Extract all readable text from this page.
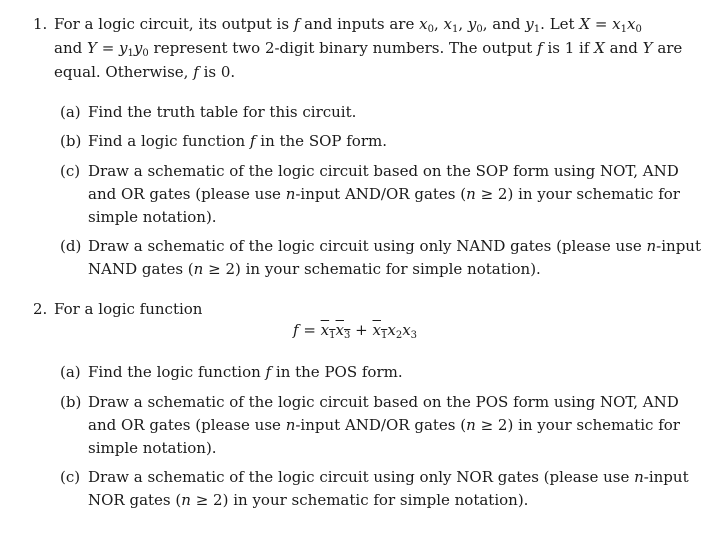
1. For a logic circuit, its output is f and inputs are $x_0$, $x_1$, $y_0$, and $y_1$. Let $X = x_1x_0$
and $Y = y_1y_0$ represent two 2-digit binary numbers. The output f is 1 if X and Y are
equal. Otherwise, f is 0.
(a) Find the truth table for this circuit.
(b) Find a logic function f in the SOP form.
(c) Draw a schematic of the logic circuit based on the SOP form using NOT, AND
and OR gates (please use n-input AND/OR gates (n ≥ 2) in your schematic for
simple notation).
(d) Draw a schematic of the logic circuit using only NAND gates (please use n-input
NAND gates (n ≥ 2) in your schematic for simple notation).
2. For a logic function
$f = x_1x_3 + x_1x_2x_3$
(a) Find the logic function f in the POS form.
(b) Draw a schematic of the logic circuit based on the POS form using NOT, AND
and OR gates (please use n-input AND/OR gates (n ≥ 2) in your schematic for
simple notation).
(c) Draw a schematic of the logic circuit using only NOR gates (please use n-input
NOR gates (n ≥ 2) in your schematic for simple notation).
